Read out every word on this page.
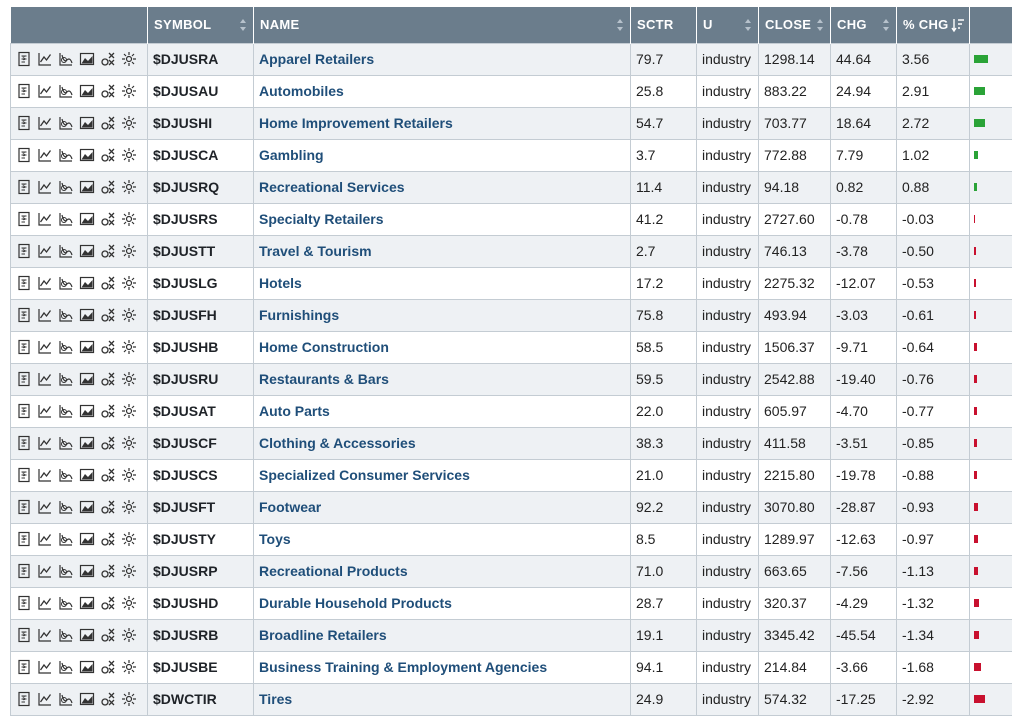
	SYMBOL	NAME	SCTR	U	CLOSE	CHG	% CHG

$	$DJUSRA	Apparel Retailers	79.7	industry	1298.14	44.64	3.56	

$	$DJUSAU	Automobiles	25.8	industry	883.22	24.94	2.91	

$	$DJUSHI	Home Improvement Retailers	54.7	industry	703.77	18.64	2.72	

$	$DJUSCA	Gambling	3.7	industry	772.88	7.79	1.02	

$	$DJUSRQ	Recreational Services	11.4	industry	94.18	0.82	0.88	

$	$DJUSRS	Specialty Retailers	41.2	industry	2727.60	-0.78	-0.03	

$	$DJUSTT	Travel & Tourism	2.7	industry	746.13	-3.78	-0.50	

$	$DJUSLG	Hotels	17.2	industry	2275.32	-12.07	-0.53	

$	$DJUSFH	Furnishings	75.8	industry	493.94	-3.03	-0.61	

$	$DJUSHB	Home Construction	58.5	industry	1506.37	-9.71	-0.64	

$	$DJUSRU	Restaurants & Bars	59.5	industry	2542.88	-19.40	-0.76	

$	$DJUSAT	Auto Parts	22.0	industry	605.97	-4.70	-0.77	

$	$DJUSCF	Clothing & Accessories	38.3	industry	411.58	-3.51	-0.85	

$	$DJUSCS	Specialized Consumer Services	21.0	industry	2215.80	-19.78	-0.88	

$	$DJUSFT	Footwear	92.2	industry	3070.80	-28.87	-0.93	

$	$DJUSTY	Toys	8.5	industry	1289.97	-12.63	-0.97	

$	$DJUSRP	Recreational Products	71.0	industry	663.65	-7.56	-1.13	

$	$DJUSHD	Durable Household Products	28.7	industry	320.37	-4.29	-1.32	

$	$DJUSRB	Broadline Retailers	19.1	industry	3345.42	-45.54	-1.34	

$	$DJUSBE	Business Training & Employment Agencies	94.1	industry	214.84	-3.66	-1.68	

$	$DWCTIR	Tires	24.9	industry	574.32	-17.25	-2.92	
